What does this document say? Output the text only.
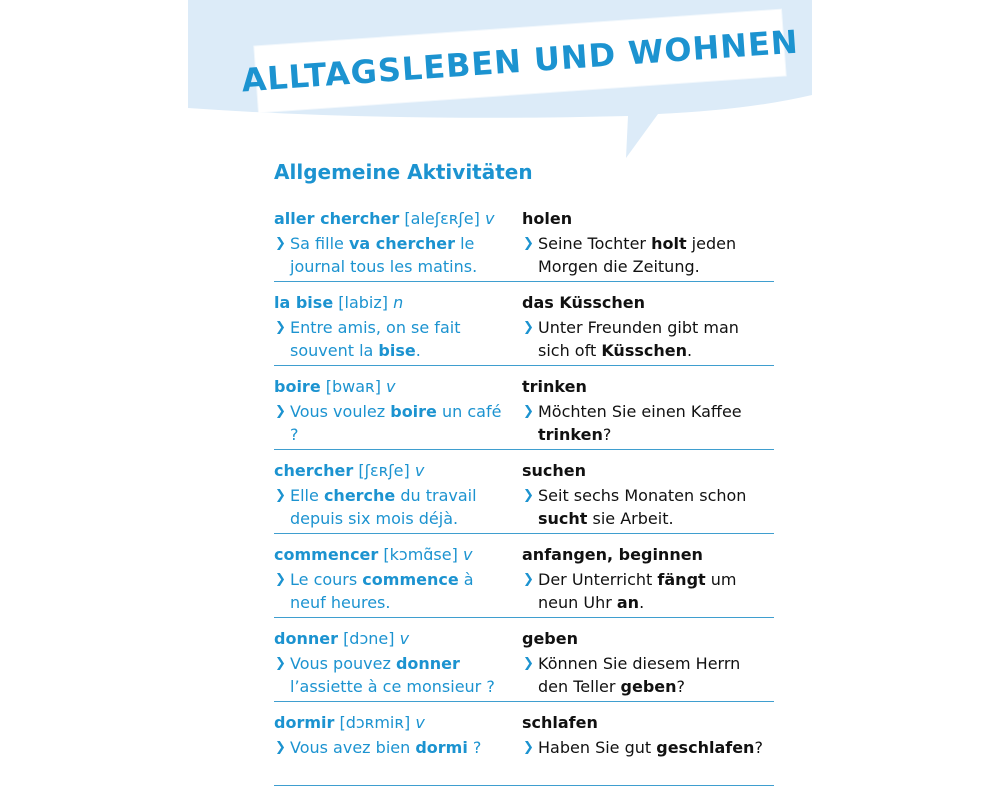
ALLTAGSLEBEN UND WOHNEN
Allgemeine Aktivitäten
aller chercher [aleʃɛʀʃe] v
❯ Sa fille va chercher le journal tous les matins.
holen
❯ Seine Tochter holt jeden Morgen die Zeitung.
la bise [labiz] n
❯ Entre amis, on se fait souvent la bise.
das Küsschen
❯ Unter Freunden gibt man sich oft Küsschen.
boire [bwaʀ] v
❯ Vous voulez boire un café ?
trinken
❯ Möchten Sie einen Kaffee trinken?
chercher [ʃɛʀʃe] v
❯ Elle cherche du travail depuis six mois déjà.
suchen
❯ Seit sechs Monaten schon sucht sie Arbeit.
commencer [kɔmɑ̃se] v
❯ Le cours commence à neuf heures.
anfangen, beginnen
❯ Der Unterricht fängt um neun Uhr an.
donner [dɔne] v
❯ Vous pouvez donner l’assiette à ce monsieur ?
geben
❯ Können Sie diesem Herrn den Teller geben?
dormir [dɔʀmiʀ] v
❯ Vous avez bien dormi ?
schlafen
❯ Haben Sie gut geschlafen?
